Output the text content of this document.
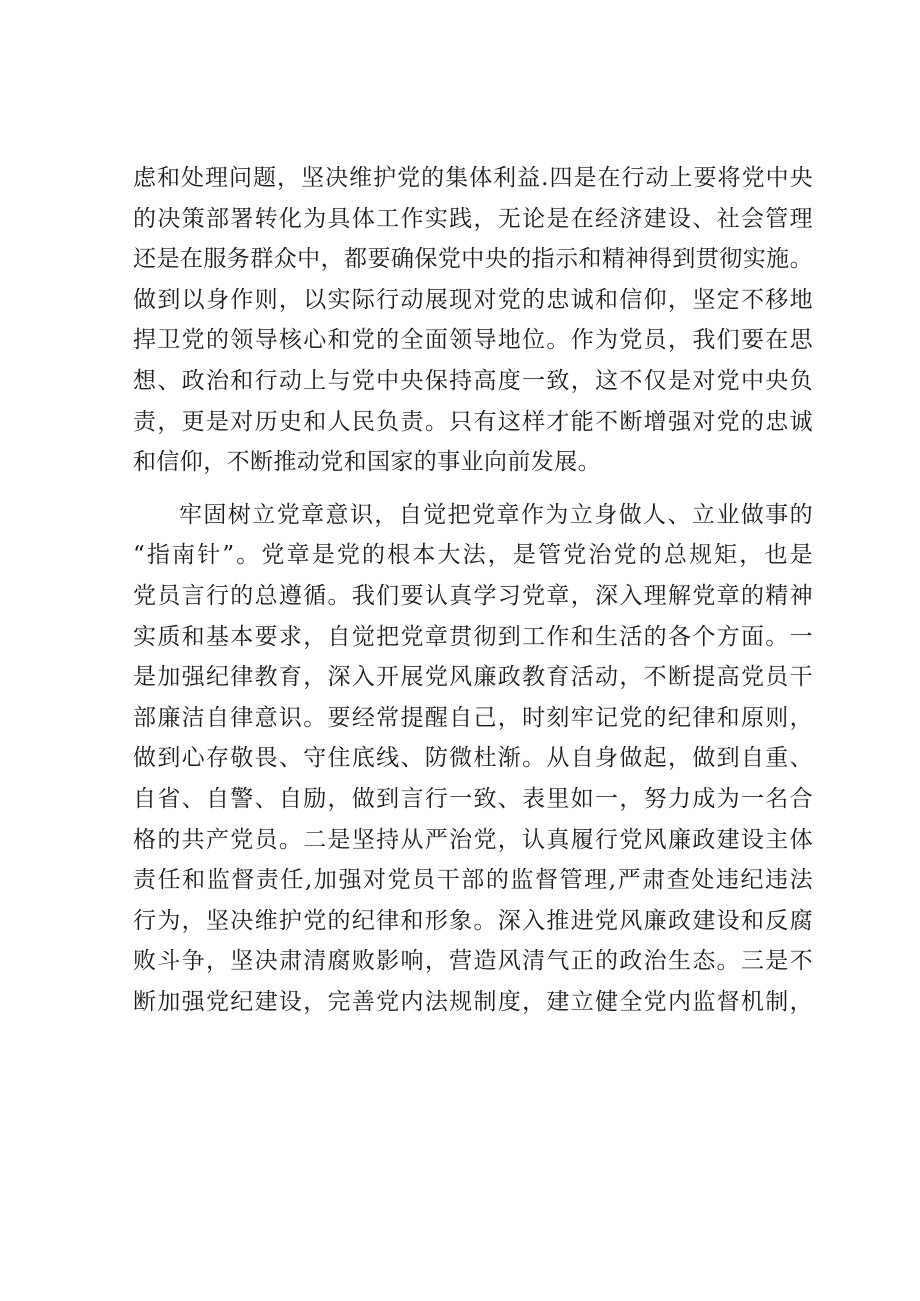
虑和处理问题，坚决维护党的集体利益.四是在行动上要将党中央
的决策部署转化为具体工作实践，无论是在经济建设、社会管理
还是在服务群众中，都要确保党中央的指示和精神得到贯彻实施。
做到以身作则，以实际行动展现对党的忠诚和信仰，坚定不移地
捍卫党的领导核心和党的全面领导地位。作为党员，我们要在思
想、政治和行动上与党中央保持高度一致，这不仅是对党中央负
责，更是对历史和人民负责。只有这样才能不断增强对党的忠诚
和信仰，不断推动党和国家的事业向前发展。
牢固树立党章意识，自觉把党章作为立身做人、立业做事的
“指南针”。党章是党的根本大法，是管党治党的总规矩，也是
党员言行的总遵循。我们要认真学习党章，深入理解党章的精神
实质和基本要求，自觉把党章贯彻到工作和生活的各个方面。一
是加强纪律教育，深入开展党风廉政教育活动，不断提高党员干
部廉洁自律意识。要经常提醒自己，时刻牢记党的纪律和原则，
做到心存敬畏、守住底线、防微杜渐。从自身做起，做到自重、
自省、自警、自励，做到言行一致、表里如一，努力成为一名合
格的共产党员。二是坚持从严治党，认真履行党风廉政建设主体
责任和监督责任,加强对党员干部的监督管理,严肃查处违纪违法
行为，坚决维护党的纪律和形象。深入推进党风廉政建设和反腐
败斗争，坚决肃清腐败影响，营造风清气正的政治生态。三是不
断加强党纪建设，完善党内法规制度，建立健全党内监督机制，
